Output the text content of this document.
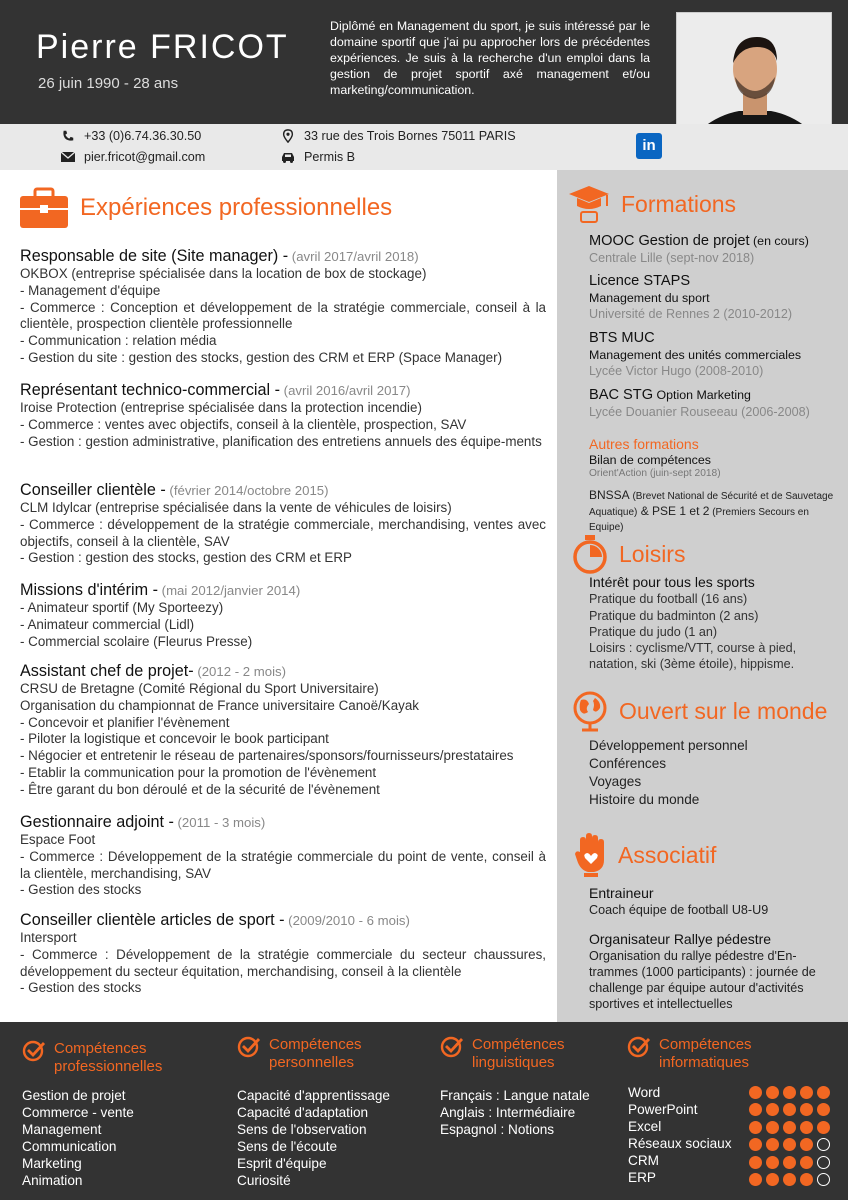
Pierre FRICOT
26 juin 1990 - 28 ans
Diplômé en Management du sport, je suis intéressé par le domaine sportif que j'ai pu approcher lors de précédentes expériences. Je suis à la recherche d'un emploi dans la gestion de projet sportif axé management et/ou marketing/communication.
+33 (0)6.74.36.30.50
pier.fricot@gmail.com
33 rue des Trois Bornes 75011 PARIS
Permis B
in
Expériences professionnelles
Responsable de site (Site manager) - (avril 2017/avril 2018)
OKBOX (entreprise spécialisée dans la location de box de stockage)
- Management d'équipe
- Commerce : Conception et développement de la stratégie commerciale, conseil à la clientèle, prospection clientèle professionnelle
- Communication : relation média
- Gestion du site : gestion des stocks, gestion des CRM et ERP (Space Manager)
Représentant technico-commercial - (avril 2016/avril 2017)
Iroise Protection (entreprise spécialisée dans la protection incendie)
- Commerce : ventes avec objectifs, conseil à la clientèle, prospection, SAV
- Gestion : gestion administrative, planification des entretiens annuels des équipe-ments
Conseiller clientèle - (février 2014/octobre 2015)
CLM Idylcar (entreprise spécialisée dans la vente de véhicules de loisirs)
- Commerce : développement de la stratégie commerciale, merchandising, ventes avec objectifs, conseil à la clientèle, SAV
- Gestion : gestion des stocks, gestion des CRM et ERP
Missions d'intérim - (mai 2012/janvier 2014)
- Animateur sportif (My Sporteezy)
- Animateur commercial (Lidl)
- Commercial scolaire (Fleurus Presse)
Assistant chef de projet- (2012 - 2 mois)
CRSU de Bretagne (Comité Régional du Sport Universitaire)
Organisation du championnat de France universitaire Canoë/Kayak
- Concevoir et planifier l'évènement
- Piloter la logistique et concevoir le book participant
- Négocier et entretenir le réseau de partenaires/sponsors/fournisseurs/prestataires
- Etablir la communication pour la promotion de l'évènement
- Être garant du bon déroulé et de la sécurité de l'évènement
Gestionnaire adjoint - (2011 - 3 mois)
Espace Foot
- Commerce : Développement de la stratégie commerciale du point de vente, conseil à la clientèle, merchandising, SAV
- Gestion des stocks
Conseiller clientèle articles de sport - (2009/2010 - 6 mois)
Intersport
- Commerce : Développement de la stratégie commerciale du secteur chaussures, développement du secteur équitation, merchandising, conseil à la clientèle
- Gestion des stocks
Formations
MOOC Gestion de projet (en cours)
Centrale Lille (sept-nov 2018)
Licence STAPS
Management du sport
Université de Rennes 2 (2010-2012)
BTS MUC
Management des unités commerciales
Lycée Victor Hugo (2008-2010)
BAC STG Option Marketing
Lycée Douanier Rouseeau (2006-2008)
Autres formations
Bilan de compétences
Orient'Action (juin-sept 2018)
BNSSA (Brevet National de Sécurité et de Sauvetage Aquatique) & PSE 1 et 2 (Premiers Secours en Equipe)
Loisirs
Intérêt pour tous les sports
Pratique du football (16 ans)
Pratique du badminton (2 ans)
Pratique du judo (1 an)
Loisirs : cyclisme/VTT, course à pied, natation, ski (3ème étoile), hippisme.
Ouvert sur le monde
Développement personnel
Conférences
Voyages
Histoire du monde
Associatif
Entraineur
Coach équipe de football U8-U9
Organisateur Rallye pédestre
Organisation du rallye pédestre d'En-trammes (1000 participants) : journée de challenge par équipe autour d'activités sportives et intellectuelles
Compétences
professionnelles
Gestion de projet
Commerce - vente
Management
Communication
Marketing
Animation
Compétences
personnelles
Capacité d'apprentissage
Capacité d'adaptation
Sens de l'observation
Sens de l'écoute
Esprit d'équipe
Curiosité
Compétences
linguistiques
Français : Langue natale
Anglais : Intermédiaire
Espagnol : Notions
Compétences
informatiques
Word
PowerPoint
Excel
Réseaux sociaux
CRM
ERP
